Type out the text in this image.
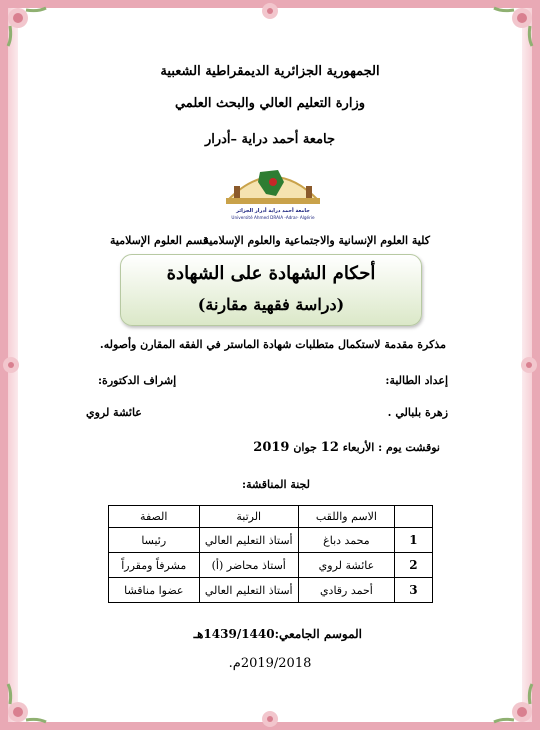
الجمهورية الجزائرية الديمقراطية الشعبية
وزارة التعليم العالي والبحث العلمي
جامعة أحمد دراية –أدرار
جامعة أحمد دراية أدرار الجزائر
Université Ahmed DRAIA -Adrar- Algérie
كلية العلوم الإنسانية والاجتماعية والعلوم الإسلامية
قسم العلوم الإسلامية
أحكام الشهادة على الشهادة
(دراسة فقهية مقارنة)
مذكرة مقدمة لاستكمال متطلبات شهادة الماستر في الفقه المقارن وأصوله.
إعداد الطالبة:
إشراف الدكتورة:
زهرة بلبالي .
عائشة لروي
نوقشت يوم : الأربعاء 12 جوان 2019
لجنة المناقشة:
	الاسم واللقب	الرتبة	الصفة
1	محمد دباغ	أستاذ التعليم العالي	رئيسا
2	عائشة لروي	أستاذ محاضر (أ)	مشرفاً ومقرراً
3	أحمد رقادي	أستاذ التعليم العالي	عضوا مناقشا
الموسم الجامعي:1439/1440هـ
2019/2018م.
